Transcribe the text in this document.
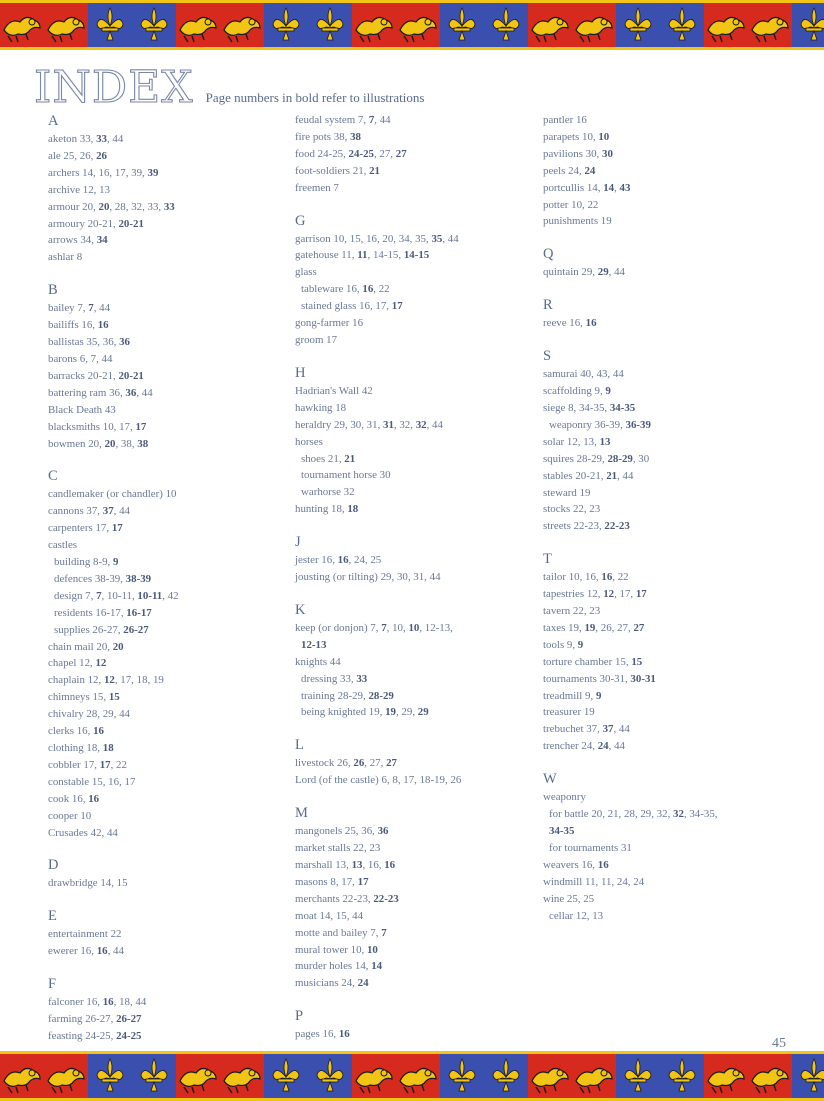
INDEX Page numbers in bold refer to illustrations
A
aketon 33, 33, 44
ale 25, 26, 26
archers 14, 16, 17, 39, 39
archive 12, 13
armour 20, 20, 28, 32, 33, 33
armoury 20-21, 20-21
arrows 34, 34
ashlar 8
B
bailey 7, 7, 44
bailiffs 16, 16
ballistas 35, 36, 36
barons 6, 7, 44
barracks 20-21, 20-21
battering ram 36, 36, 44
Black Death 43
blacksmiths 10, 17, 17
bowmen 20, 20, 38, 38
C
candlemaker (or chandler) 10
cannons 37, 37, 44
carpenters 17, 17
castles
building 8-9, 9
defences 38-39, 38-39
design 7, 7, 10-11, 10-11, 42
residents 16-17, 16-17
supplies 26-27, 26-27
chain mail 20, 20
chapel 12, 12
chaplain 12, 12, 17, 18, 19
chimneys 15, 15
chivalry 28, 29, 44
clerks 16, 16
clothing 18, 18
cobbler 17, 17, 22
constable 15, 16, 17
cook 16, 16
cooper 10
Crusades 42, 44
D
drawbridge 14, 15
E
entertainment 22
ewerer 16, 16, 44
F
falconer 16, 16, 18, 44
farming 26-27, 26-27
feasting 24-25, 24-25
feudal system 7, 7, 44
fire pots 38, 38
food 24-25, 24-25, 27, 27
foot-soldiers 21, 21
freemen 7
G
garrison 10, 15, 16, 20, 34, 35, 35, 44
gatehouse 11, 11, 14-15, 14-15
glass
tableware 16, 16, 22
stained glass 16, 17, 17
gong-farmer 16
groom 17
H
Hadrian's Wall 42
hawking 18
heraldry 29, 30, 31, 31, 32, 32, 44
horses
shoes 21, 21
tournament horse 30
warhorse 32
hunting 18, 18
J
jester 16, 16, 24, 25
jousting (or tilting) 29, 30, 31, 44
K
keep (or donjon) 7, 7, 10, 10, 12-13,
12-13
knights 44
dressing 33, 33
training 28-29, 28-29
being knighted 19, 19, 29, 29
L
livestock 26, 26, 27, 27
Lord (of the castle) 6, 8, 17, 18-19, 26
M
mangonels 25, 36, 36
market stalls 22, 23
marshall 13, 13, 16, 16
masons 8, 17, 17
merchants 22-23, 22-23
moat 14, 15, 44
motte and bailey 7, 7
mural tower 10, 10
murder holes 14, 14
musicians 24, 24
P
pages 16, 16
pantler 16
parapets 10, 10
pavilions 30, 30
peels 24, 24
portcullis 14, 14, 43
potter 10, 22
punishments 19
Q
quintain 29, 29, 44
R
reeve 16, 16
S
samurai 40, 43, 44
scaffolding 9, 9
siege 8, 34-35, 34-35
weaponry 36-39, 36-39
solar 12, 13, 13
squires 28-29, 28-29, 30
stables 20-21, 21, 44
steward 19
stocks 22, 23
streets 22-23, 22-23
T
tailor 10, 16, 16, 22
tapestries 12, 12, 17, 17
tavern 22, 23
taxes 19, 19, 26, 27, 27
tools 9, 9
torture chamber 15, 15
tournaments 30-31, 30-31
treadmill 9, 9
treasurer 19
trebuchet 37, 37, 44
trencher 24, 24, 44
W
weaponry
for battle 20, 21, 28, 29, 32, 32, 34-35,
34-35
for tournaments 31
weavers 16, 16
windmill 11, 11, 24, 24
wine 25, 25
cellar 12, 13
45
